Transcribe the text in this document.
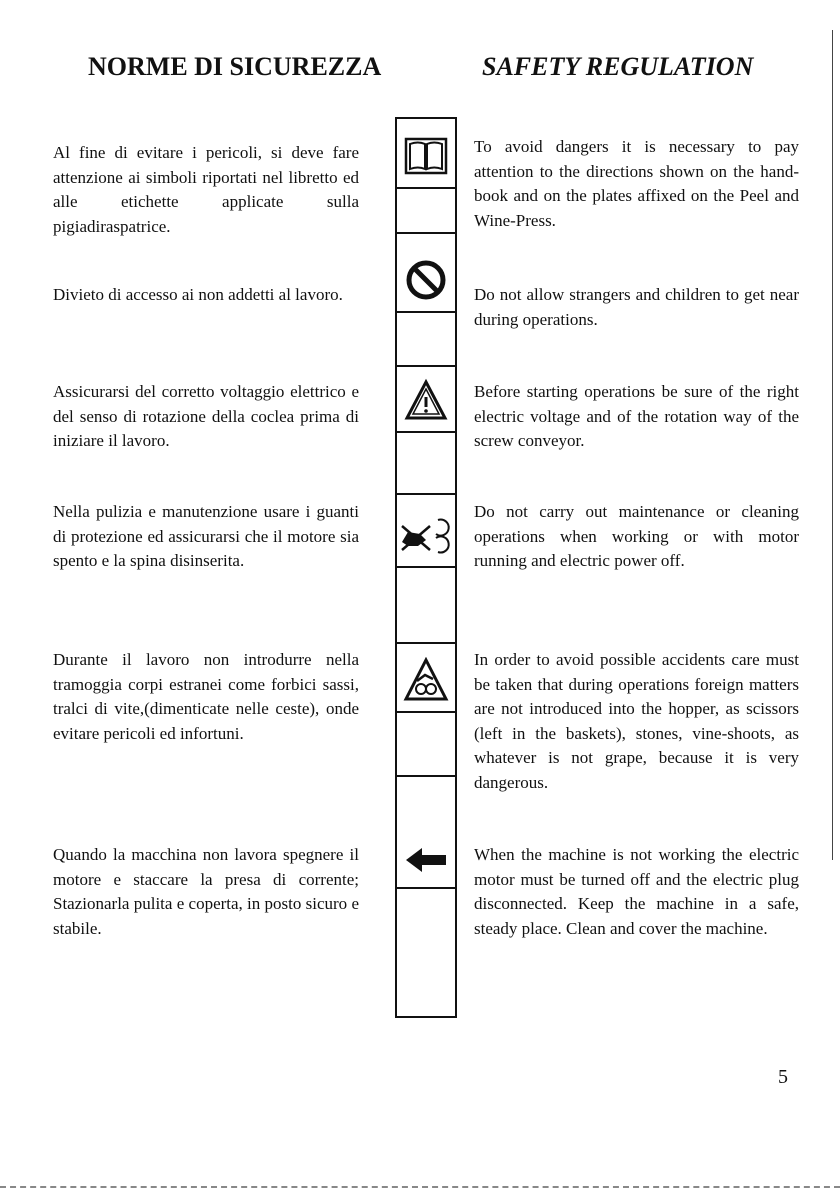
NORME DI SICUREZZA	SAFETY REGULATION

Al fine di evitare i pericoli, si deve fare attenzione ai simboli riportati nel libretto ed alle etichette applicate sulla pigiadiraspatrice.

To avoid dangers it is necessary to pay attention to the directions shown on the hand-book and on the plates affixed on the Peel and Wine-Press.

Divieto di accesso ai non addetti al lavoro.	Do not allow strangers and children to get near during operations.

Assicurarsi del corretto voltaggio elettrico e del senso di rotazione della coclea prima di iniziare il lavoro.

Before starting operations be sure of the right electric voltage and of the rotation way of the screw conveyor.

Nella pulizia e manutenzione usare i guanti di protezione ed assicurarsi che il motore sia spento e la spina disinserita.

Do not carry out maintenance or cleaning operations when working or with motor running and electric power off.

Durante il lavoro non introdurre nella tramoggia corpi estranei come forbici sassi, tralci di vite,(dimenticate nelle ceste), onde evitare pericoli ed infortuni.

In order to avoid possible accidents care must be taken that during operations foreign matters are not introduced into the hopper, as scissors (left in the baskets), stones, vine-shoots, as whatever is not grape, because it is very dangerous.

Quando la macchina non lavora spegnere il motore e staccare la presa di corrente; Stazionarla pulita e coperta, in posto sicuro e stabile.

When the machine is not working the electric motor must be turned off and the electric plug disconnected. Keep the machine in a safe, steady place. Clean and cover the machine.

5
